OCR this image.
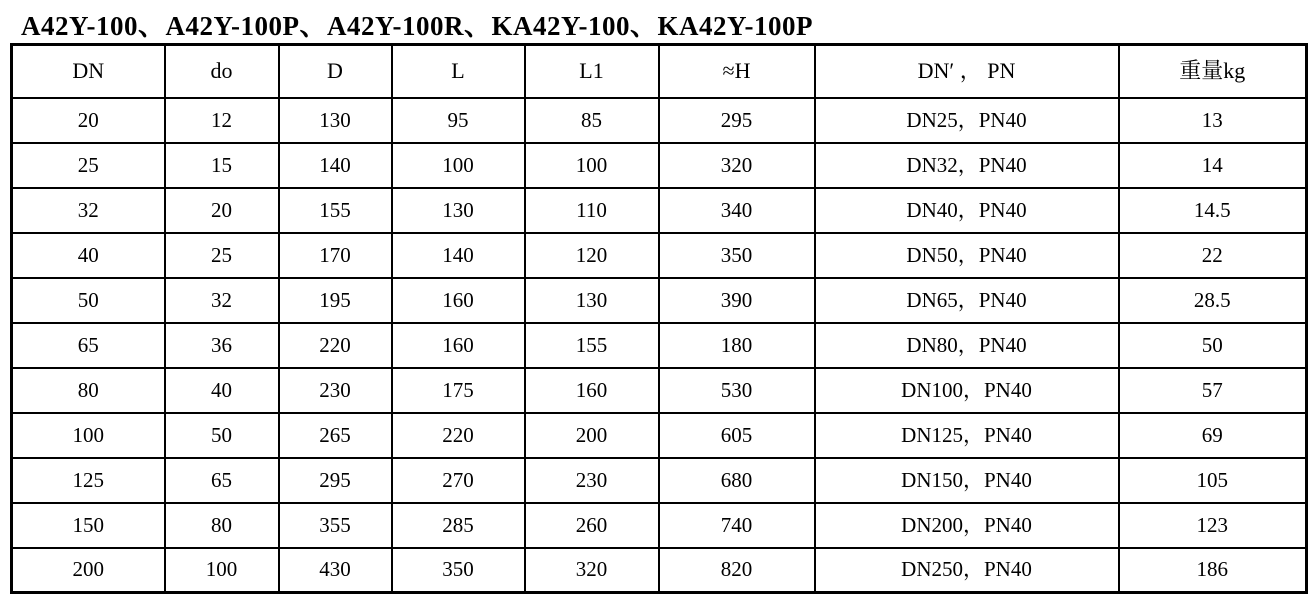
A42Y-100、A42Y-100P、A42Y-100R、KA42Y-100、KA42Y-100P
DN	do	D	L	L1	≈H	DN′ ， PN	重量kg
20	12	130	95	85	295	DN25，PN40	13
25	15	140	100	100	320	DN32，PN40	14
32	20	155	130	110	340	DN40，PN40	14.5
40	25	170	140	120	350	DN50，PN40	22
50	32	195	160	130	390	DN65，PN40	28.5
65	36	220	160	155	180	DN80，PN40	50
80	40	230	175	160	530	DN100，PN40	57
100	50	265	220	200	605	DN125，PN40	69
125	65	295	270	230	680	DN150，PN40	105
150	80	355	285	260	740	DN200，PN40	123
200	100	430	350	320	820	DN250，PN40	186
